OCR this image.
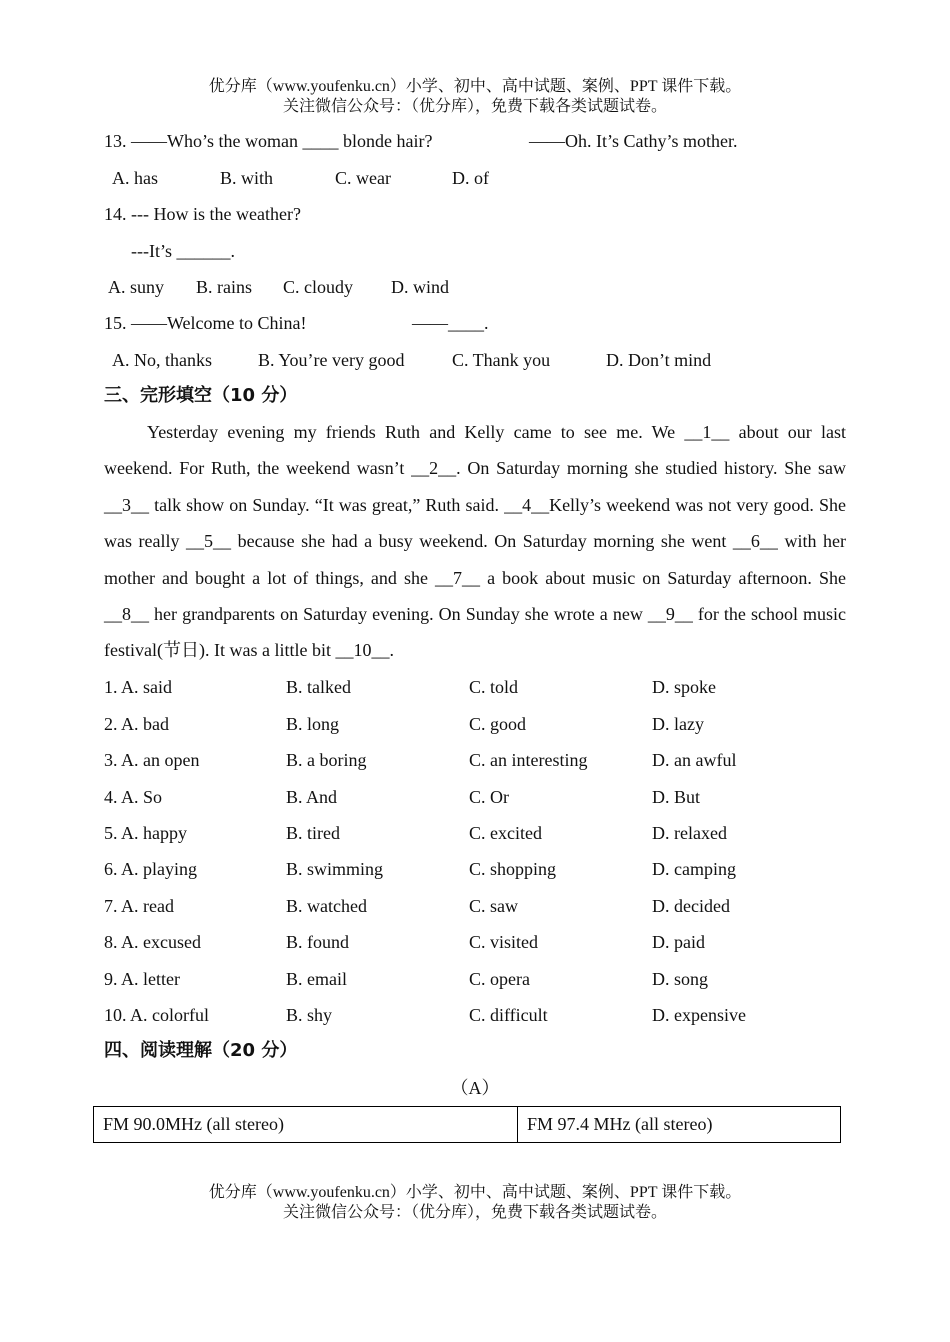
优分库（www.youfenku.cn）小学、初中、高中试题、案例、PPT 课件下载。
关注微信公众号：（优分库），免费下载各类试题试卷。
13. ——Who’s the woman ____ blonde hair?	——Oh. It’s Cathy’s mother.
A. has	B. with	C. wear	D. of
14. --- How is the weather?
---It’s ______.
A. suny B. rains C. cloudy D. wind
15. ——Welcome to China!	——____.
A. No, thanks	B. You’re very good	C. Thank you	D. Don’t mind
三、完形填空（10 分）

Yesterday evening my friends Ruth and Kelly came to see me. We __1__ about our last weekend. For Ruth, the weekend wasn’t __2__. On Saturday morning she studied history. She saw __3__ talk show on Sunday. “It was great,” Ruth said. __4__Kelly’s weekend was not very good. She was really __5__ because she had a busy weekend. On Saturday morning she went __6__ with her mother and bought a lot of things, and she __7__ a book about music on Saturday afternoon. She __8__ her grandparents on Saturday evening. On Sunday she wrote a new __9__ for the school music festival(节日). It was a little bit __10__.

1. A. said	B. talked	C. told	D. spoke
2. A. bad	B. long	C. good	D. lazy
3. A. an open	B. a boring	C. an interesting	D. an awful
4. A. So	B. And	C. Or	D. But
5. A. happy	B. tired	C. excited	D. relaxed
6. A. playing	B. swimming	C. shopping	D. camping
7. A. read	B. watched	C. saw	D. decided
8. A. excused	B. found	C. visited	D. paid
9. A. letter	B. email	C. opera	D. song
10. A. colorful	B. shy	C. difficult	D. expensive
四、阅读理解（20 分）
（A）
FM 90.0MHz (all stereo)	FM 97.4 MHz (all stereo)
优分库（www.youfenku.cn）小学、初中、高中试题、案例、PPT 课件下载。
关注微信公众号：（优分库），免费下载各类试题试卷。
